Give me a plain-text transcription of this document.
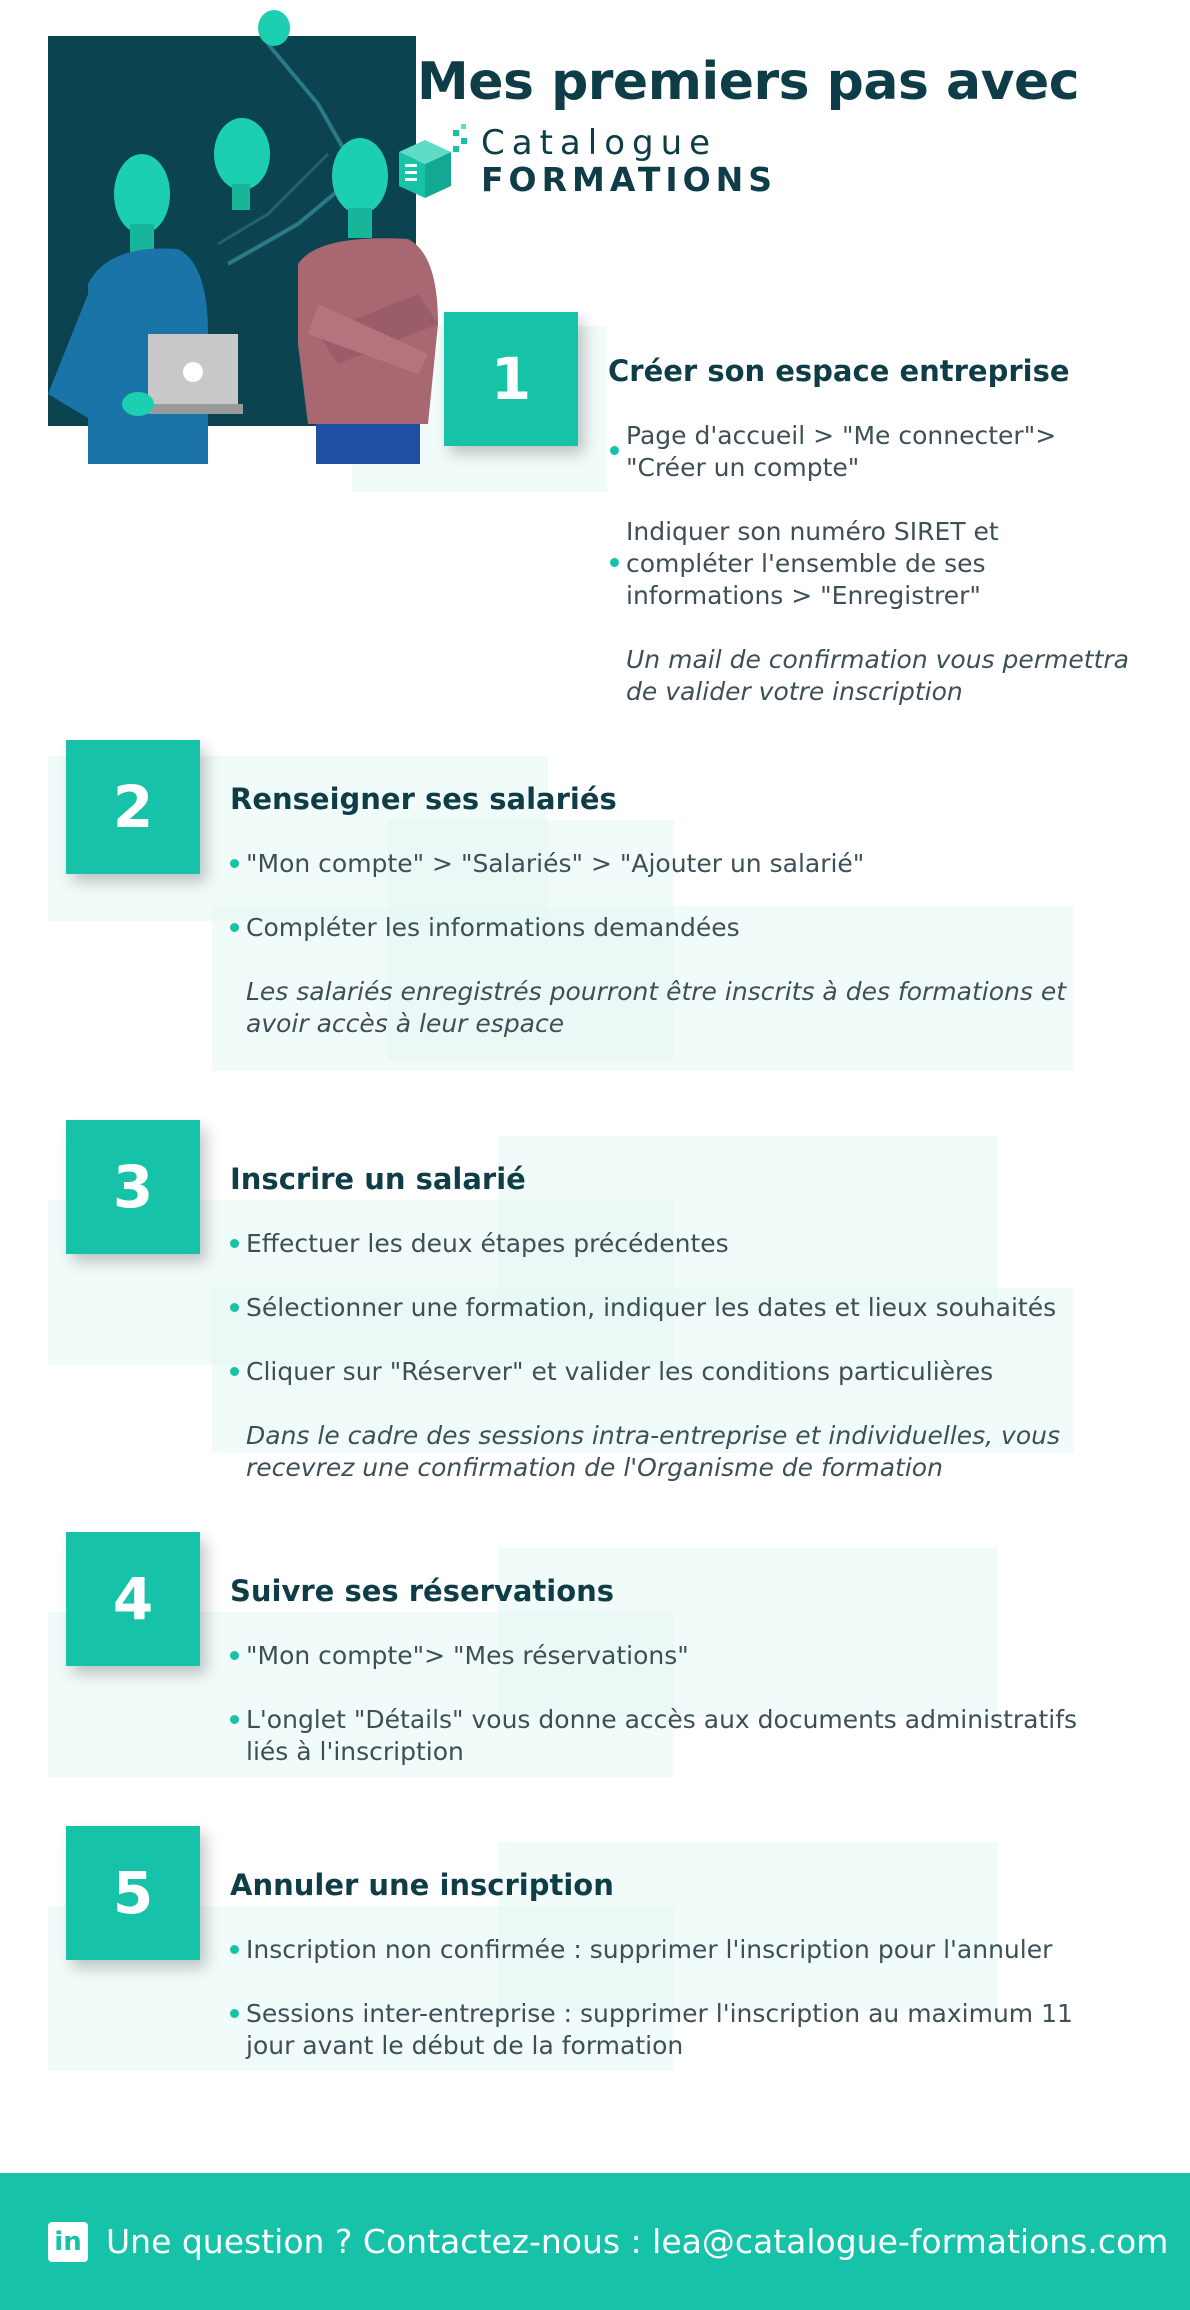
Mes premiers pas avec
Catalogue
FORMATIONS
1	Créer son espace entreprise
Page d'accueil > "Me connecter"> "Créer un compte"
Indiquer son numéro SIRET et compléter l'ensemble de ses informations > "Enregistrer"
Un mail de confirmation vous permettra de valider votre inscription
2	Renseigner ses salariés
"Mon compte" > "Salariés" > "Ajouter un salarié"
Compléter les informations demandées
Les salariés enregistrés pourront être inscrits à des formations et avoir accès à leur espace
3	Inscrire un salarié
Effectuer les deux étapes précédentes
Sélectionner une formation, indiquer les dates et lieux souhaités
Cliquer sur "Réserver" et valider les conditions particulières
Dans le cadre des sessions intra-entreprise et individuelles, vous recevrez une confirmation de l'Organisme de formation
4	Suivre ses réservations
"Mon compte"> "Mes réservations"
L'onglet "Détails" vous donne accès aux documents administratifs liés à l'inscription
5	Annuler une inscription
Inscription non confirmée : supprimer l'inscription pour l'annuler
Sessions inter-entreprise : supprimer l'inscription au maximum 11 jour avant le début de la formation
in Une question ? Contactez-nous : lea@catalogue-formations.com
